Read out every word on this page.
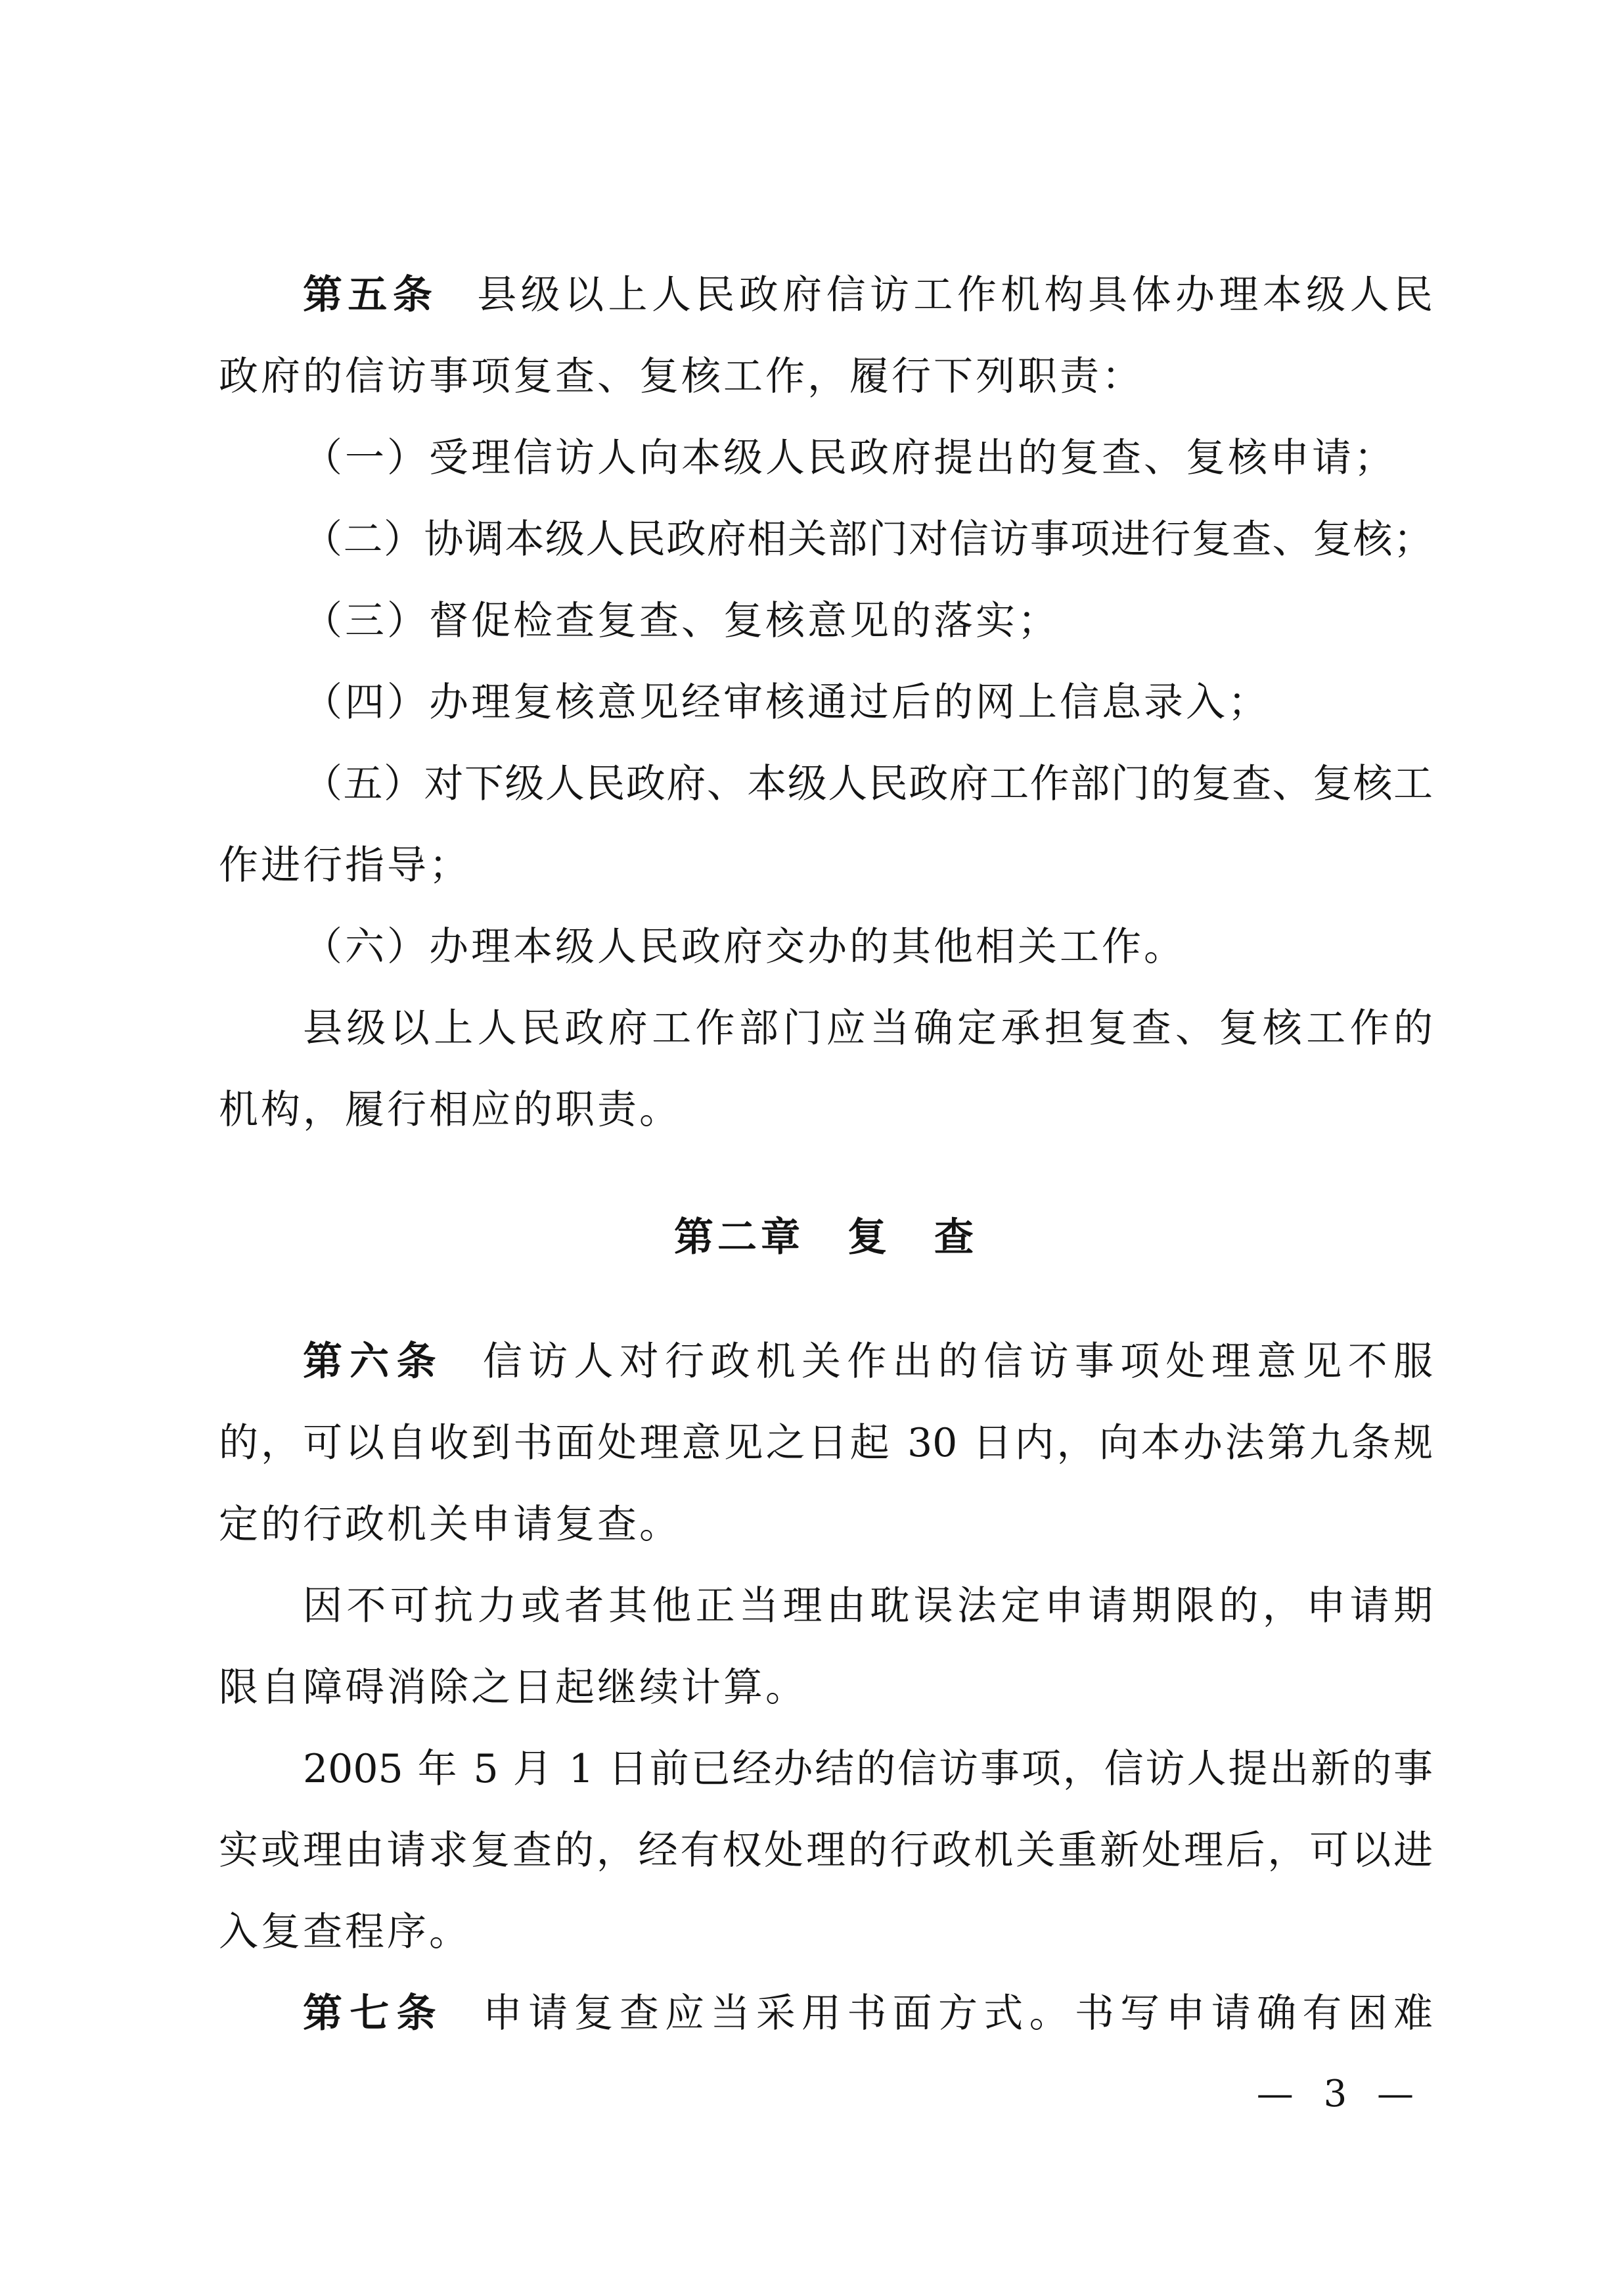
第五条 县级以上人民政府信访工作机构具体办理本级人民
政府的信访事项复查、复核工作，履行下列职责：
（一）受理信访人向本级人民政府提出的复查、复核申请；
（二）协调本级人民政府相关部门对信访事项进行复查、复核；
（三）督促检查复查、复核意见的落实；
（四）办理复核意见经审核通过后的网上信息录入；
（五）对下级人民政府、本级人民政府工作部门的复查、复核工
作进行指导；
（六）办理本级人民政府交办的其他相关工作。
县级以上人民政府工作部门应当确定承担复查、复核工作的
机构，履行相应的职责。
第二章　复　查
第六条 信访人对行政机关作出的信访事项处理意见不服
的，可以自收到书面处理意见之日起 30 日内，向本办法第九条规
定的行政机关申请复查。
因不可抗力或者其他正当理由耽误法定申请期限的，申请期
限自障碍消除之日起继续计算。
2005 年 5 月 1 日前已经办结的信访事项，信访人提出新的事
实或理由请求复查的，经有权处理的行政机关重新处理后，可以进
入复查程序。
第七条 申请复查应当采用书面方式。书写申请确有困难
— 3 —
